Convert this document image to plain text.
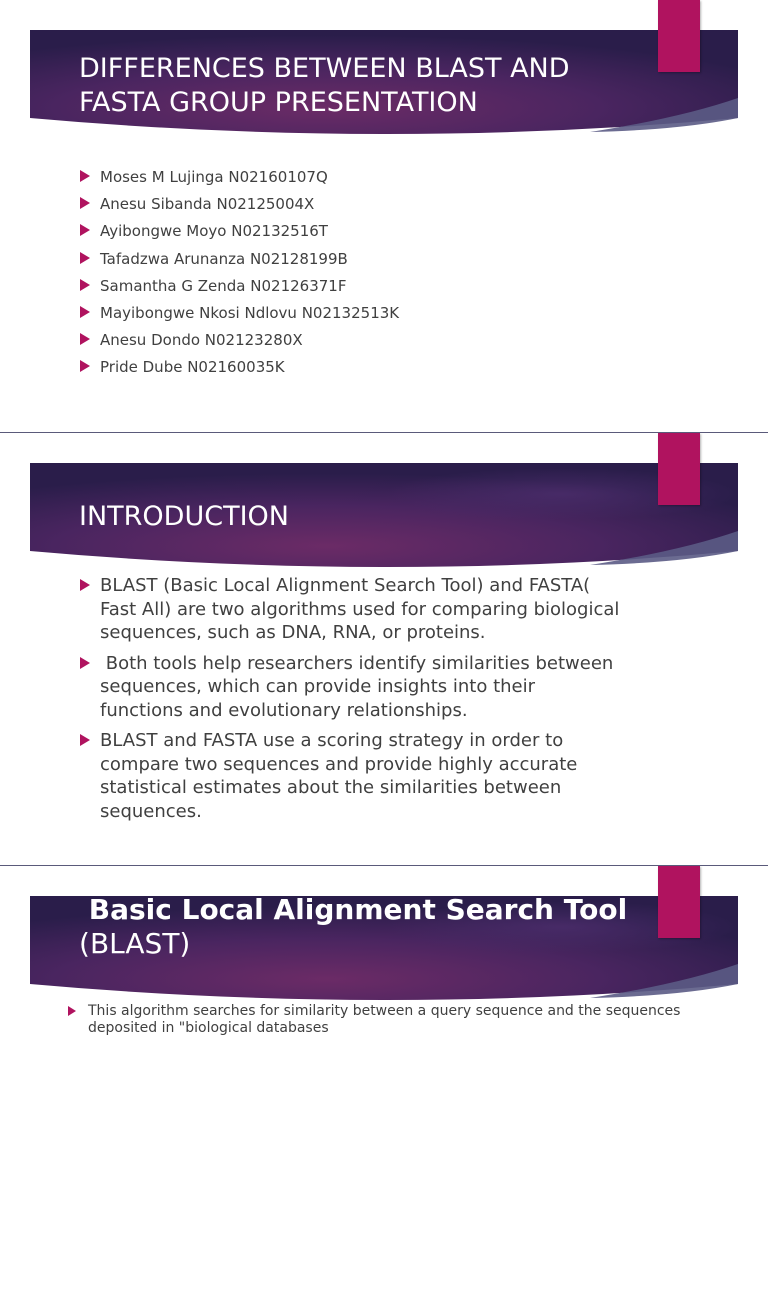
DIFFERENCES BETWEEN BLAST AND FASTA GROUP PRESENTATION
Moses M Lujinga N02160107Q
Anesu Sibanda N02125004X
Ayibongwe Moyo N02132516T
Tafadzwa Arunanza N02128199B
Samantha G Zenda N02126371F
Mayibongwe Nkosi Ndlovu N02132513K
Anesu Dondo N02123280X
Pride Dube N02160035K
INTRODUCTION
BLAST (Basic Local Alignment Search Tool) and FASTA( Fast All) are two algorithms used for comparing biological sequences, such as DNA, RNA, or proteins.
Both tools help researchers identify similarities between sequences, which can provide insights into their functions and evolutionary relationships.
BLAST and FASTA use a scoring strategy in order to compare two sequences and provide highly accurate statistical estimates about the similarities between sequences.
Basic Local Alignment Search Tool
(BLAST)
This algorithm searches for similarity between a query sequence and the sequences deposited in "biological databases
